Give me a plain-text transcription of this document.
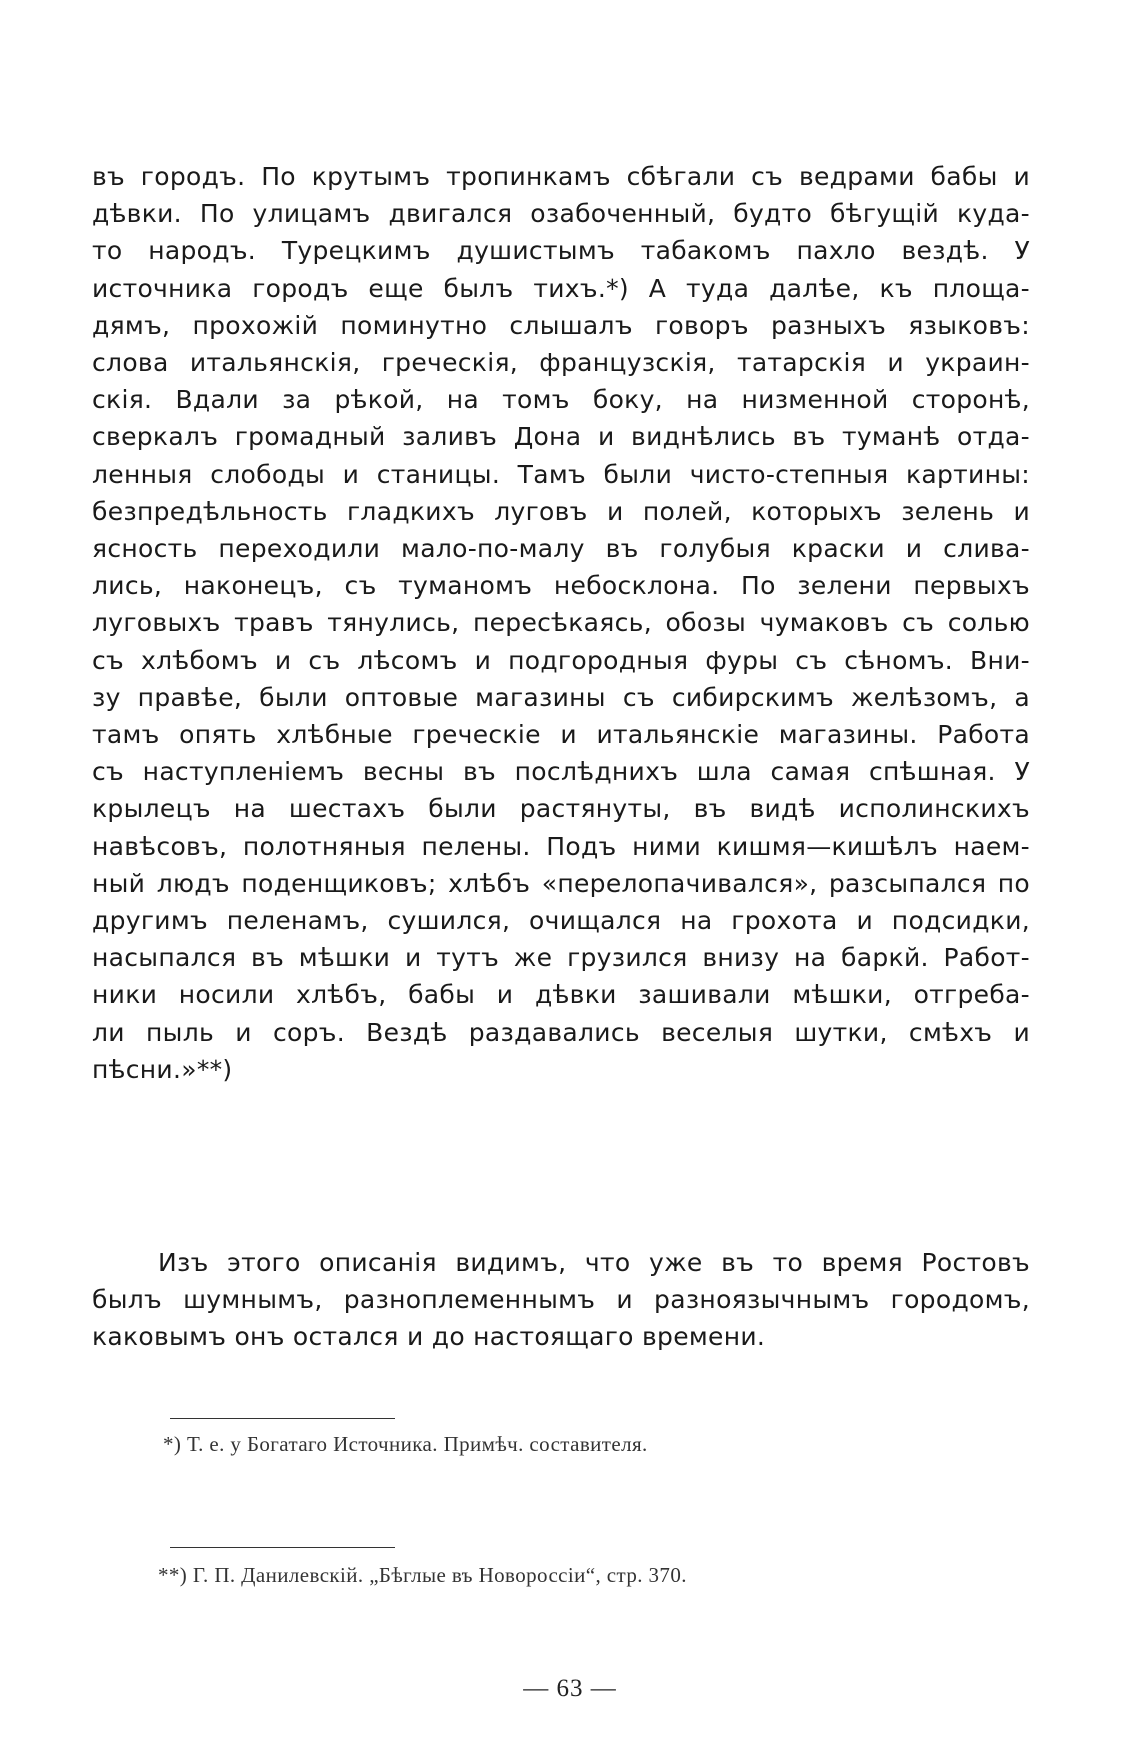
въ городъ. По крутымъ тропинкамъ сбѣгали съ ведрами бабы и
дѣвки. По улицамъ двигался озабоченный, будто бѣгущій куда-
то народъ. Турецкимъ душистымъ табакомъ пахло вездѣ. У
источника городъ еще былъ тихъ.*) А туда далѣе, къ площа-
дямъ, прохожій поминутно слышалъ говоръ разныхъ языковъ:
слова итальянскія, греческія, французскія, татарскія и украин-
скія. Вдали за рѣкой, на томъ боку, на низменной сторонѣ,
сверкалъ громадный заливъ Дона и виднѣлись въ туманѣ отда-
ленныя слободы и станицы. Тамъ были чисто-степныя картины:
безпредѣльность гладкихъ луговъ и полей, которыхъ зелень и
ясность переходили мало-по-малу въ голубыя краски и слива-
лись, наконецъ, съ туманомъ небосклона. По зелени первыхъ
луговыхъ травъ тянулись, пересѣкаясь, обозы чумаковъ съ солью
съ хлѣбомъ и съ лѣсомъ и подгородныя фуры съ сѣномъ. Вни-
зу правѣе, были оптовые магазины съ сибирскимъ желѣзомъ, а
тамъ опять хлѣбные греческіе и итальянскіе магазины. Работа
съ наступленіемъ весны въ послѣднихъ шла самая спѣшная. У
крылецъ на шестахъ были растянуты, въ видѣ исполинскихъ
навѣсовъ, полотняныя пелены. Подъ ними кишмя—кишѣлъ наем-
ный людъ поденщиковъ; хлѣбъ «перелопачивался», разсыпался по
другимъ пеленамъ, сушился, очищался на грохота и подсидки,
насыпался въ мѣшки и тутъ же грузился внизу на баркй. Работ-
ники носили хлѣбъ, бабы и дѣвки зашивали мѣшки, отгреба-
ли пыль и соръ. Вездѣ раздавались веселыя шутки, смѣхъ и
пѣсни.»**)
Изъ этого описанія видимъ, что уже въ то время Ростовъ
былъ шумнымъ, разноплеменнымъ и разноязычнымъ городомъ,
каковымъ онъ остался и до настоящаго времени.
*) Т. е. у Богатаго Источника. Примѣч. составителя.
**) Г. П. Данилевскій. „Бѣглые въ Новороссіи“, стр. 370.
— 63 —
